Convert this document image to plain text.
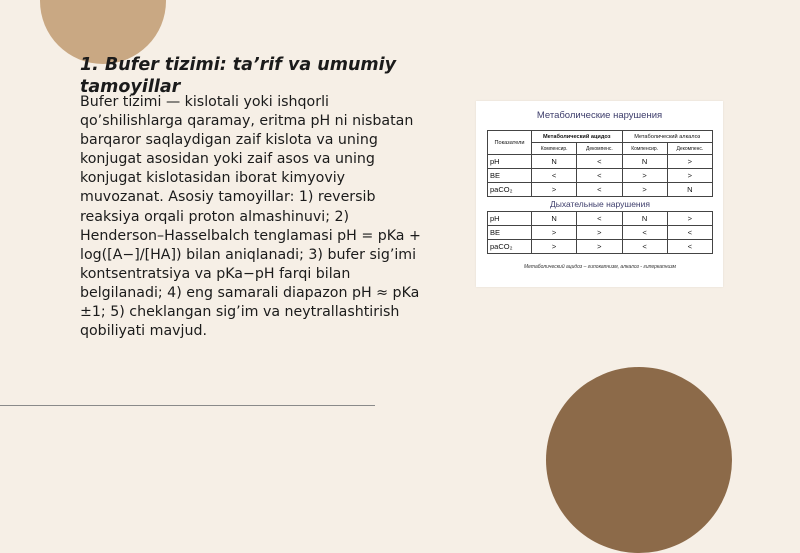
1. Bufer tizimi: ta’rif va umumiy tamoyillar

Bufer tizimi — kislotali yoki ishqorli qo’shilishlarga qaramay, eritma pH ni nisbatan barqaror saqlaydigan zaif kislota va uning konjugat asosidan yoki zaif asos va uning konjugat kislotasidan iborat kimyoviy muvozanat. Asosiy tamoyillar: 1) reversib reaksiya orqali proton almashinuvi; 2) Henderson–Hasselbalch tenglamasi pH = pKa + log([A−]/[HA]) bilan aniqlanadi; 3) bufer sig’imi kontsentratsiya va pKa−pH farqi bilan belgilanadi; 4) eng samarali diapazon pH ≈ pKa ±1; 5) cheklangan sig’im va neytrallashtirish qobiliyati mavjud.

Метаболические нарушения
Показатели	Метаболический ацидоз		Метаболический алкалоз	
	Компенсир.	Декомпенс.	Компенсир.	Декомпенс.
pH	N	<	N	>
BE	<	<	>	>
paCO₂	>	<	>	N
Дыхательные нарушения				
pH	N	<	N	>
BE	>	>	<	<
paCO₂	>	>	<	<
Метаболический ацидоз – гипокапнизм, алкалоз - гиперкапнизм
